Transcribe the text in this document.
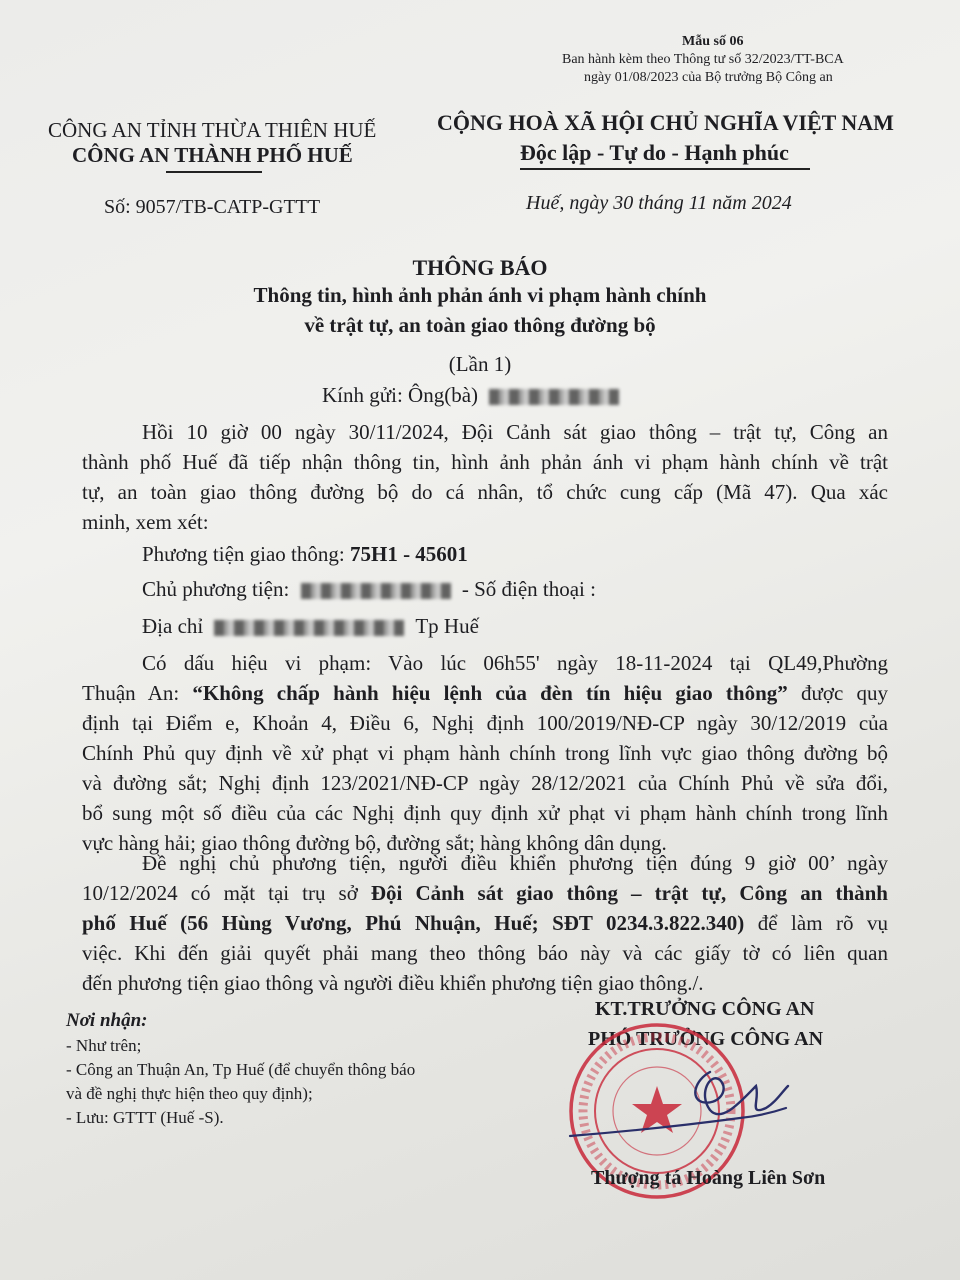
Mẫu số 06
Ban hành kèm theo Thông tư số 32/2023/TT-BCA
ngày 01/08/2023 của Bộ trưởng Bộ Công an
CÔNG AN TỈNH THỪA THIÊN HUẾ
CÔNG AN THÀNH PHỐ HUẾ
Số: 9057/TB-CATP-GTTT
CỘNG HOÀ XÃ HỘI CHỦ NGHĨA VIỆT NAM
Độc lập - Tự do - Hạnh phúc
Huế, ngày 30 tháng 11 năm 2024
THÔNG BÁO
Thông tin, hình ảnh phản ánh vi phạm hành chính
về trật tự, an toàn giao thông đường bộ
(Lần 1)
Kính gửi: Ông(bà)
Hồi 10 giờ 00 ngày 30/11/2024, Đội Cảnh sát giao thông – trật tự, Công an
thành phố Huế đã tiếp nhận thông tin, hình ảnh phản ánh vi phạm hành chính về trật
tự, an toàn giao thông đường bộ do cá nhân, tổ chức cung cấp (Mã 47). Qua xác
minh, xem xét:
Phương tiện giao thông: 75H1 - 45601
Chủ phương tiện:	- Số điện thoại :
Địa chỉ	Tp Huế
Có dấu hiệu vi phạm: Vào lúc 06h55' ngày 18-11-2024 tại QL49,Phường
Thuận An: “Không chấp hành hiệu lệnh của đèn tín hiệu giao thông” được quy
định tại Điểm e, Khoản 4, Điều 6, Nghị định 100/2019/NĐ-CP ngày 30/12/2019 của
Chính Phủ quy định về xử phạt vi phạm hành chính trong lĩnh vực giao thông đường bộ
và đường sắt; Nghị định 123/2021/NĐ-CP ngày 28/12/2021 của Chính Phủ về sửa đổi,
bổ sung một số điều của các Nghị định quy định xử phạt vi phạm hành chính trong lĩnh
vực hàng hải; giao thông đường bộ, đường sắt; hàng không dân dụng.
Đề nghị chủ phương tiện, người điều khiển phương tiện đúng 9 giờ 00’ ngày
10/12/2024 có mặt tại trụ sở Đội Cảnh sát giao thông – trật tự, Công an thành
phố Huế (56 Hùng Vương, Phú Nhuận, Huế; SĐT 0234.3.822.340) để làm rõ vụ
việc. Khi đến giải quyết phải mang theo thông báo này và các giấy tờ có liên quan
đến phương tiện giao thông và người điều khiển phương tiện giao thông./.
Nơi nhận:
- Như trên;
- Công an Thuận An, Tp Huế (để chuyển thông báo
và đề nghị thực hiện theo quy định);
- Lưu: GTTT (Huế -S).
KT.TRƯỞNG CÔNG AN
PHÓ TRƯỞNG CÔNG AN
Thượng tá Hoàng Liên Sơn
